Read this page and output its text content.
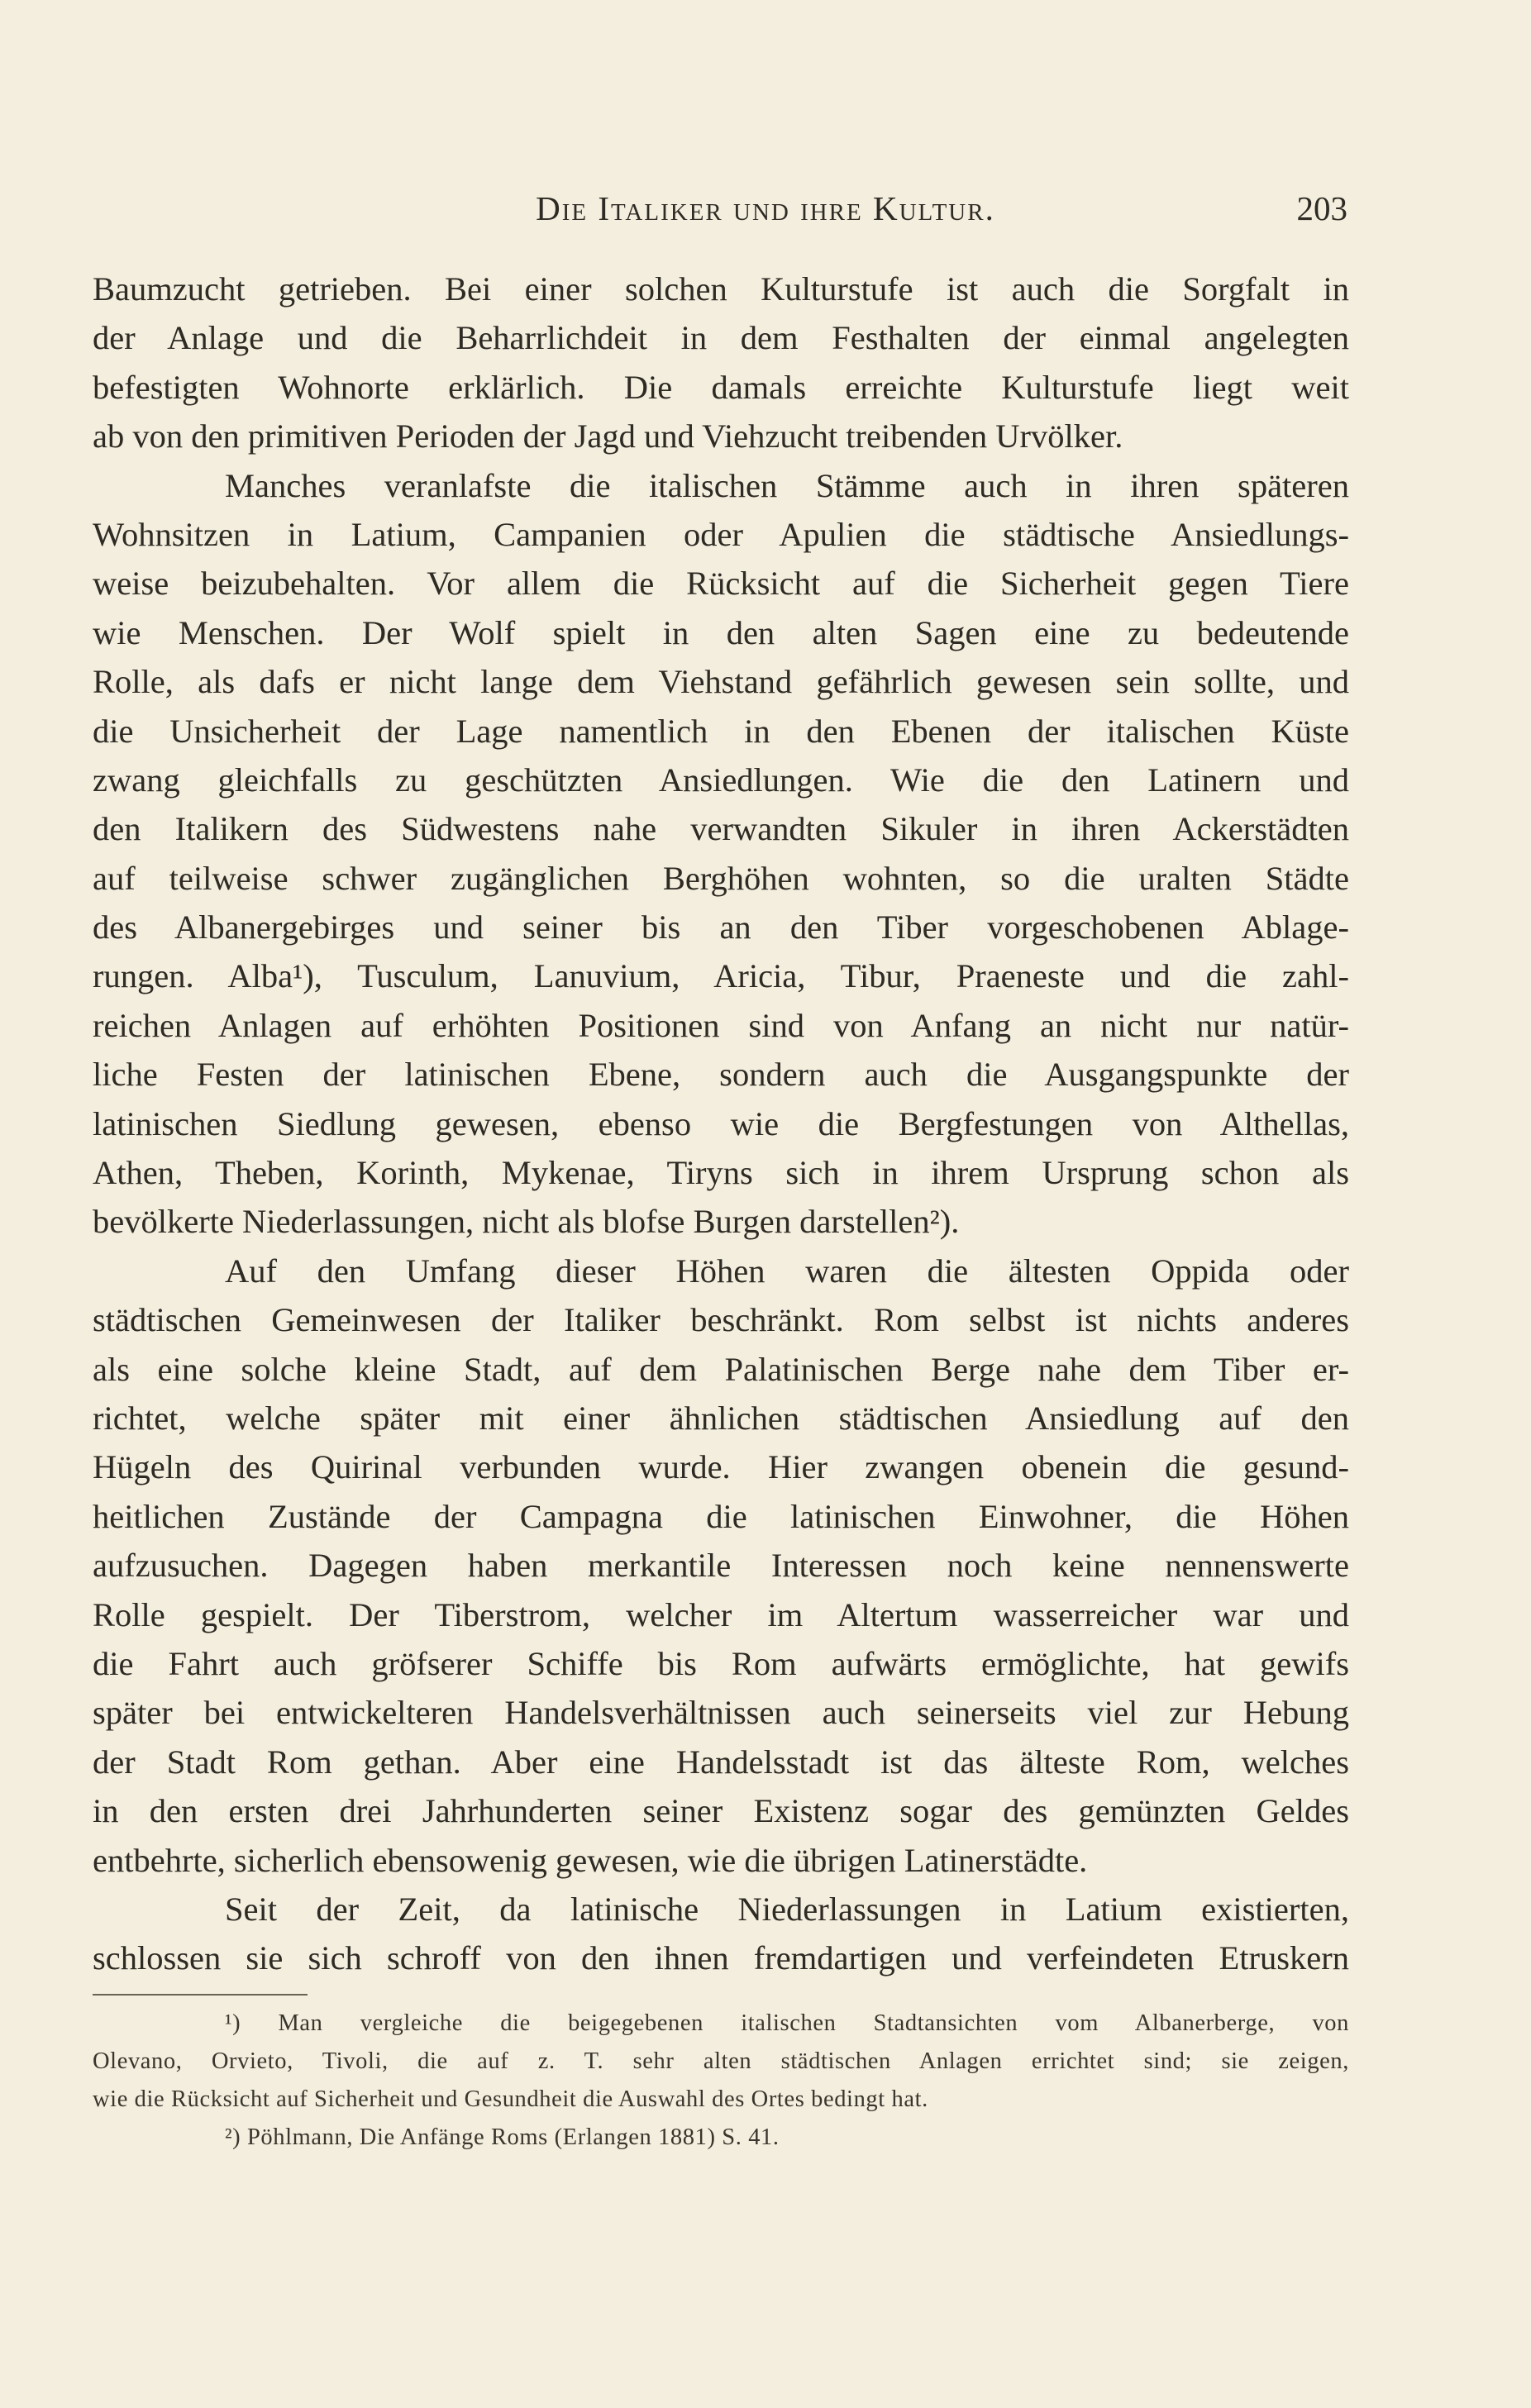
Die Italiker und ihre Kultur.	203
Baumzucht getrieben. Bei einer solchen Kulturstufe ist auch die Sorgfalt in
der Anlage und die Beharrlichdeit in dem Festhalten der einmal angelegten
befestigten Wohnorte erklärlich. Die damals erreichte Kulturstufe liegt weit
ab von den primitiven Perioden der Jagd und Viehzucht treibenden Urvölker.
Manches veranlafste die italischen Stämme auch in ihren späteren
Wohnsitzen in Latium, Campanien oder Apulien die städtische Ansiedlungs-
weise beizubehalten. Vor allem die Rücksicht auf die Sicherheit gegen Tiere
wie Menschen. Der Wolf spielt in den alten Sagen eine zu bedeutende
Rolle, als dafs er nicht lange dem Viehstand gefährlich gewesen sein sollte, und
die Unsicherheit der Lage namentlich in den Ebenen der italischen Küste
zwang gleichfalls zu geschützten Ansiedlungen. Wie die den Latinern und
den Italikern des Südwestens nahe verwandten Sikuler in ihren Ackerstädten
auf teilweise schwer zugänglichen Berghöhen wohnten, so die uralten Städte
des Albanergebirges und seiner bis an den Tiber vorgeschobenen Ablage-
rungen. Alba¹), Tusculum, Lanuvium, Aricia, Tibur, Praeneste und die zahl-
reichen Anlagen auf erhöhten Positionen sind von Anfang an nicht nur natür-
liche Festen der latinischen Ebene, sondern auch die Ausgangspunkte der
latinischen Siedlung gewesen, ebenso wie die Bergfestungen von Althellas,
Athen, Theben, Korinth, Mykenae, Tiryns sich in ihrem Ursprung schon als
bevölkerte Niederlassungen, nicht als blofse Burgen darstellen²).
Auf den Umfang dieser Höhen waren die ältesten Oppida oder
städtischen Gemeinwesen der Italiker beschränkt. Rom selbst ist nichts anderes
als eine solche kleine Stadt, auf dem Palatinischen Berge nahe dem Tiber er-
richtet, welche später mit einer ähnlichen städtischen Ansiedlung auf den
Hügeln des Quirinal verbunden wurde. Hier zwangen obenein die gesund-
heitlichen Zustände der Campagna die latinischen Einwohner, die Höhen
aufzusuchen. Dagegen haben merkantile Interessen noch keine nennenswerte
Rolle gespielt. Der Tiberstrom, welcher im Altertum wasserreicher war und
die Fahrt auch gröfserer Schiffe bis Rom aufwärts ermöglichte, hat gewifs
später bei entwickelteren Handelsverhältnissen auch seinerseits viel zur Hebung
der Stadt Rom gethan. Aber eine Handelsstadt ist das älteste Rom, welches
in den ersten drei Jahrhunderten seiner Existenz sogar des gemünzten Geldes
entbehrte, sicherlich ebensowenig gewesen, wie die übrigen Latinerstädte.
Seit der Zeit, da latinische Niederlassungen in Latium existierten,
schlossen sie sich schroff von den ihnen fremdartigen und verfeindeten Etruskern
¹) Man vergleiche die beigegebenen italischen Stadtansichten vom Albanerberge, von
Olevano, Orvieto, Tivoli, die auf z. T. sehr alten städtischen Anlagen errichtet sind; sie zeigen,
wie die Rücksicht auf Sicherheit und Gesundheit die Auswahl des Ortes bedingt hat.
²) Pöhlmann, Die Anfänge Roms (Erlangen 1881) S. 41.
